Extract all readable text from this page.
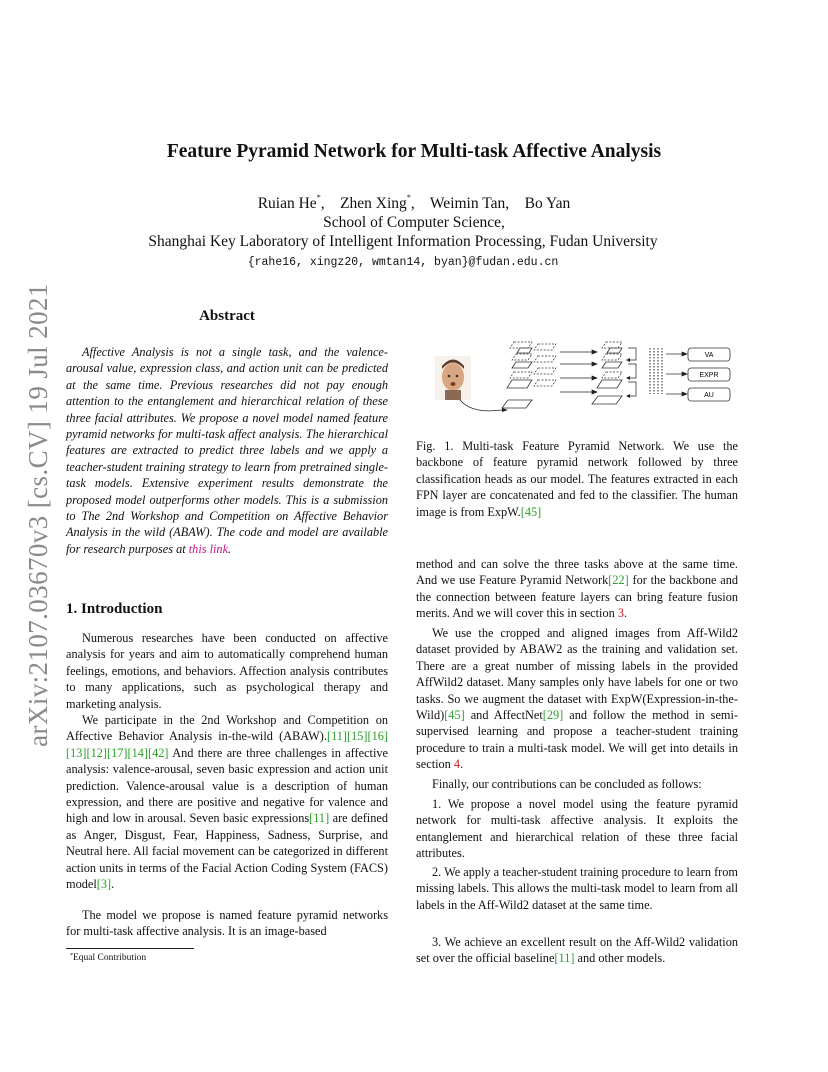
arXiv:2107.03670v3 [cs.CV] 19 Jul 2021
Feature Pyramid Network for Multi-task Affective Analysis
Ruian He*,    Zhen Xing*,    Weimin Tan,    Bo Yan
School of Computer Science,
Shanghai Key Laboratory of Intelligent Information Processing, Fudan University
{rahe16, xingz20, wmtan14, byan}@fudan.edu.cn
Abstract
Affective Analysis is not a single task, and the valence-arousal value, expression class, and action unit can be predicted at the same time. Previous researches did not pay enough attention to the entanglement and hierarchical relation of these three facial attributes. We propose a novel model named feature pyramid networks for multi-task affect analysis. The hierarchical features are extracted to predict three labels and we apply a teacher-student training strategy to learn from pretrained single-task models. Extensive experiment results demonstrate the proposed model outperforms other models. This is a submission to The 2nd Workshop and Competition on Affective Behavior Analysis in the wild (ABAW). The code and model are available for research purposes at this link.
1. Introduction
Numerous researches have been conducted on affective analysis for years and aim to automatically comprehend human feelings, emotions, and behaviors. Affection analysis contributes to many applications, such as psychological therapy and marketing analysis.
We participate in the 2nd Workshop and Competition on Affective Behavior Analysis in-the-wild (ABAW).[11][15][16][13][12][17][14][42] And there are three challenges in affective analysis: valence-arousal, seven basic expression and action unit prediction. Valence-arousal value is a description of human expression, and there are positive and negative for valence and high and low in arousal. Seven basic expressions[11] are defined as Anger, Disgust, Fear, Happiness, Sadness, Surprise, and Neutral here. All facial movement can be categorized in different action units in terms of the Facial Action Coding System (FACS) model[3].
The model we propose is named feature pyramid networks for multi-task affective analysis. It is an image-based
*Equal Contribution
VA
EXPR
AU
Fig. 1. Multi-task Feature Pyramid Network. We use the backbone of feature pyramid network followed by three classification heads as our model. The features extracted in each FPN layer are concatenated and fed to the classifier. The human image is from ExpW.[45]
method and can solve the three tasks above at the same time. And we use Feature Pyramid Network[22] for the backbone and the connection between feature layers can bring feature fusion merits. And we will cover this in section 3.
We use the cropped and aligned images from Aff-Wild2 dataset provided by ABAW2 as the training and validation set. There are a great number of missing labels in the provided AffWild2 dataset. Many samples only have labels for one or two tasks. So we augment the dataset with ExpW(Expression-in-the-Wild)[45] and AffectNet[29] and follow the method in semi-supervised learning and propose a teacher-student training procedure to train a multi-task model. We will get into details in section 4.
Finally, our contributions can be concluded as follows:
1. We propose a novel model using the feature pyramid network for multi-task affective analysis. It exploits the entanglement and hierarchical relation of these three facial attributes.
2. We apply a teacher-student training procedure to learn from missing labels. This allows the multi-task model to learn from all labels in the Aff-Wild2 dataset at the same time.
3. We achieve an excellent result on the Aff-Wild2 validation set over the official baseline[11] and other models.
